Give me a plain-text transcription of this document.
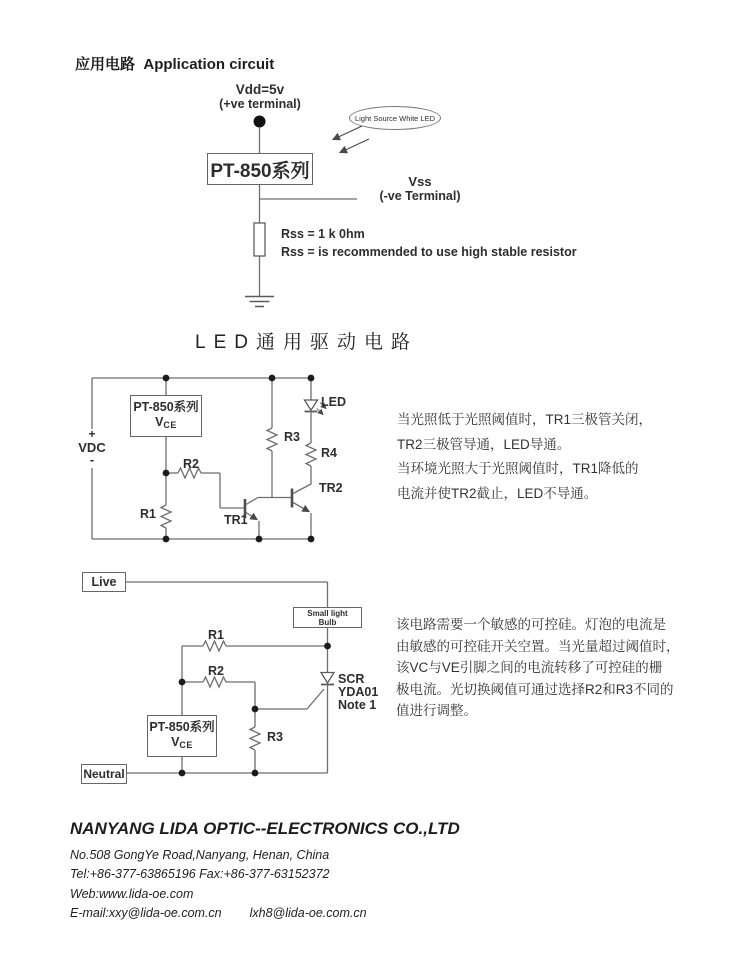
应用电路 Application circuit
Vdd=5v
(+ve terminal)
Light Source White LED
PT-850系列	Vss
(-ve Terminal)
Rss = 1 k 0hm
Rss = is recommended to use high stable resistor
LED通用驱动电路
+
VDC
-
PT-850系列
$V_{CE}$
R1
R2
R3
R4
TR1
TR2
LED
当光照低于光照阈值时，TR1三极管关闭，
TR2三极管导通，LED导通。
当环境光照大于光照阈值时，TR1降低的
电流并使TR2截止，LED不导通。
Live
Small light
Bulb
R1
R2
R3
SCR
YDA01
Note 1
PT-850系列
$V_{CE}$
Neutral
该电路需要一个敏感的可控硅。灯泡的电流是
由敏感的可控硅开关空置。当光量超过阈值时，
该VC与VE引脚之间的电流转移了可控硅的栅
极电流。光切换阈值可通过选择R2和R3不同的
值进行调整。
NANYANG LIDA OPTIC--ELECTRONICS CO.,LTD
No.508 GongYe Road,Nanyang, Henan, China
Tel:+86-377-63865196 Fax:+86-377-63152372
Web:www.lida-oe.com
E-mail:xxy@lida-oe.com.cn lxh8@lida-oe.com.cn
